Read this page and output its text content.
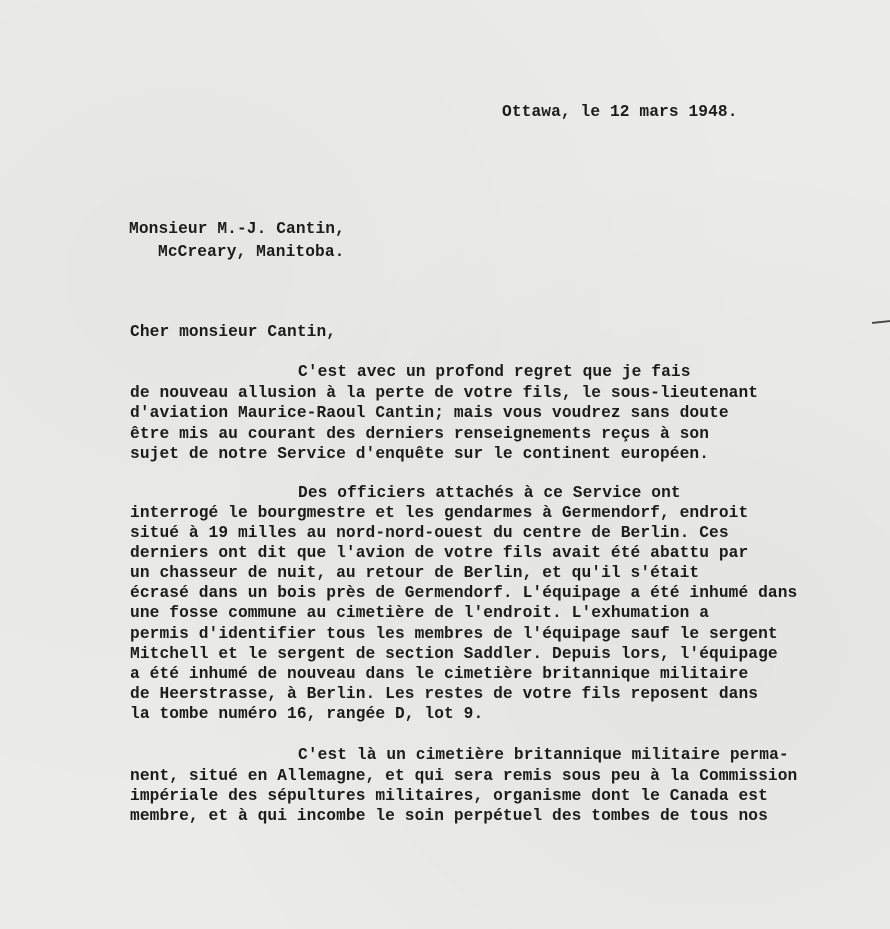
Ottawa, le 12 mars 1948.
Monsieur M.-J. Cantin,
McCreary, Manitoba.
Cher monsieur Cantin,
C'est avec un profond regret que je fais
de nouveau allusion à la perte de votre fils, le sous-lieutenant
d'aviation Maurice-Raoul Cantin; mais vous voudrez sans doute
être mis au courant des derniers renseignements reçus à son
sujet de notre Service d'enquête sur le continent européen.
Des officiers attachés à ce Service ont
interrogé le bourgmestre et les gendarmes à Germendorf, endroit
situé à 19 milles au nord-nord-ouest du centre de Berlin. Ces
derniers ont dit que l'avion de votre fils avait été abattu par
un chasseur de nuit, au retour de Berlin, et qu'il s'était
écrasé dans un bois près de Germendorf. L'équipage a été inhumé dans
une fosse commune au cimetière de l'endroit. L'exhumation a
permis d'identifier tous les membres de l'équipage sauf le sergent
Mitchell et le sergent de section Saddler. Depuis lors, l'équipage
a été inhumé de nouveau dans le cimetière britannique militaire
de Heerstrasse, à Berlin. Les restes de votre fils reposent dans
la tombe numéro 16, rangée D, lot 9.
C'est là un cimetière britannique militaire perma-
nent, situé en Allemagne, et qui sera remis sous peu à la Commission
impériale des sépultures militaires, organisme dont le Canada est
membre, et à qui incombe le soin perpétuel des tombes de tous nos
